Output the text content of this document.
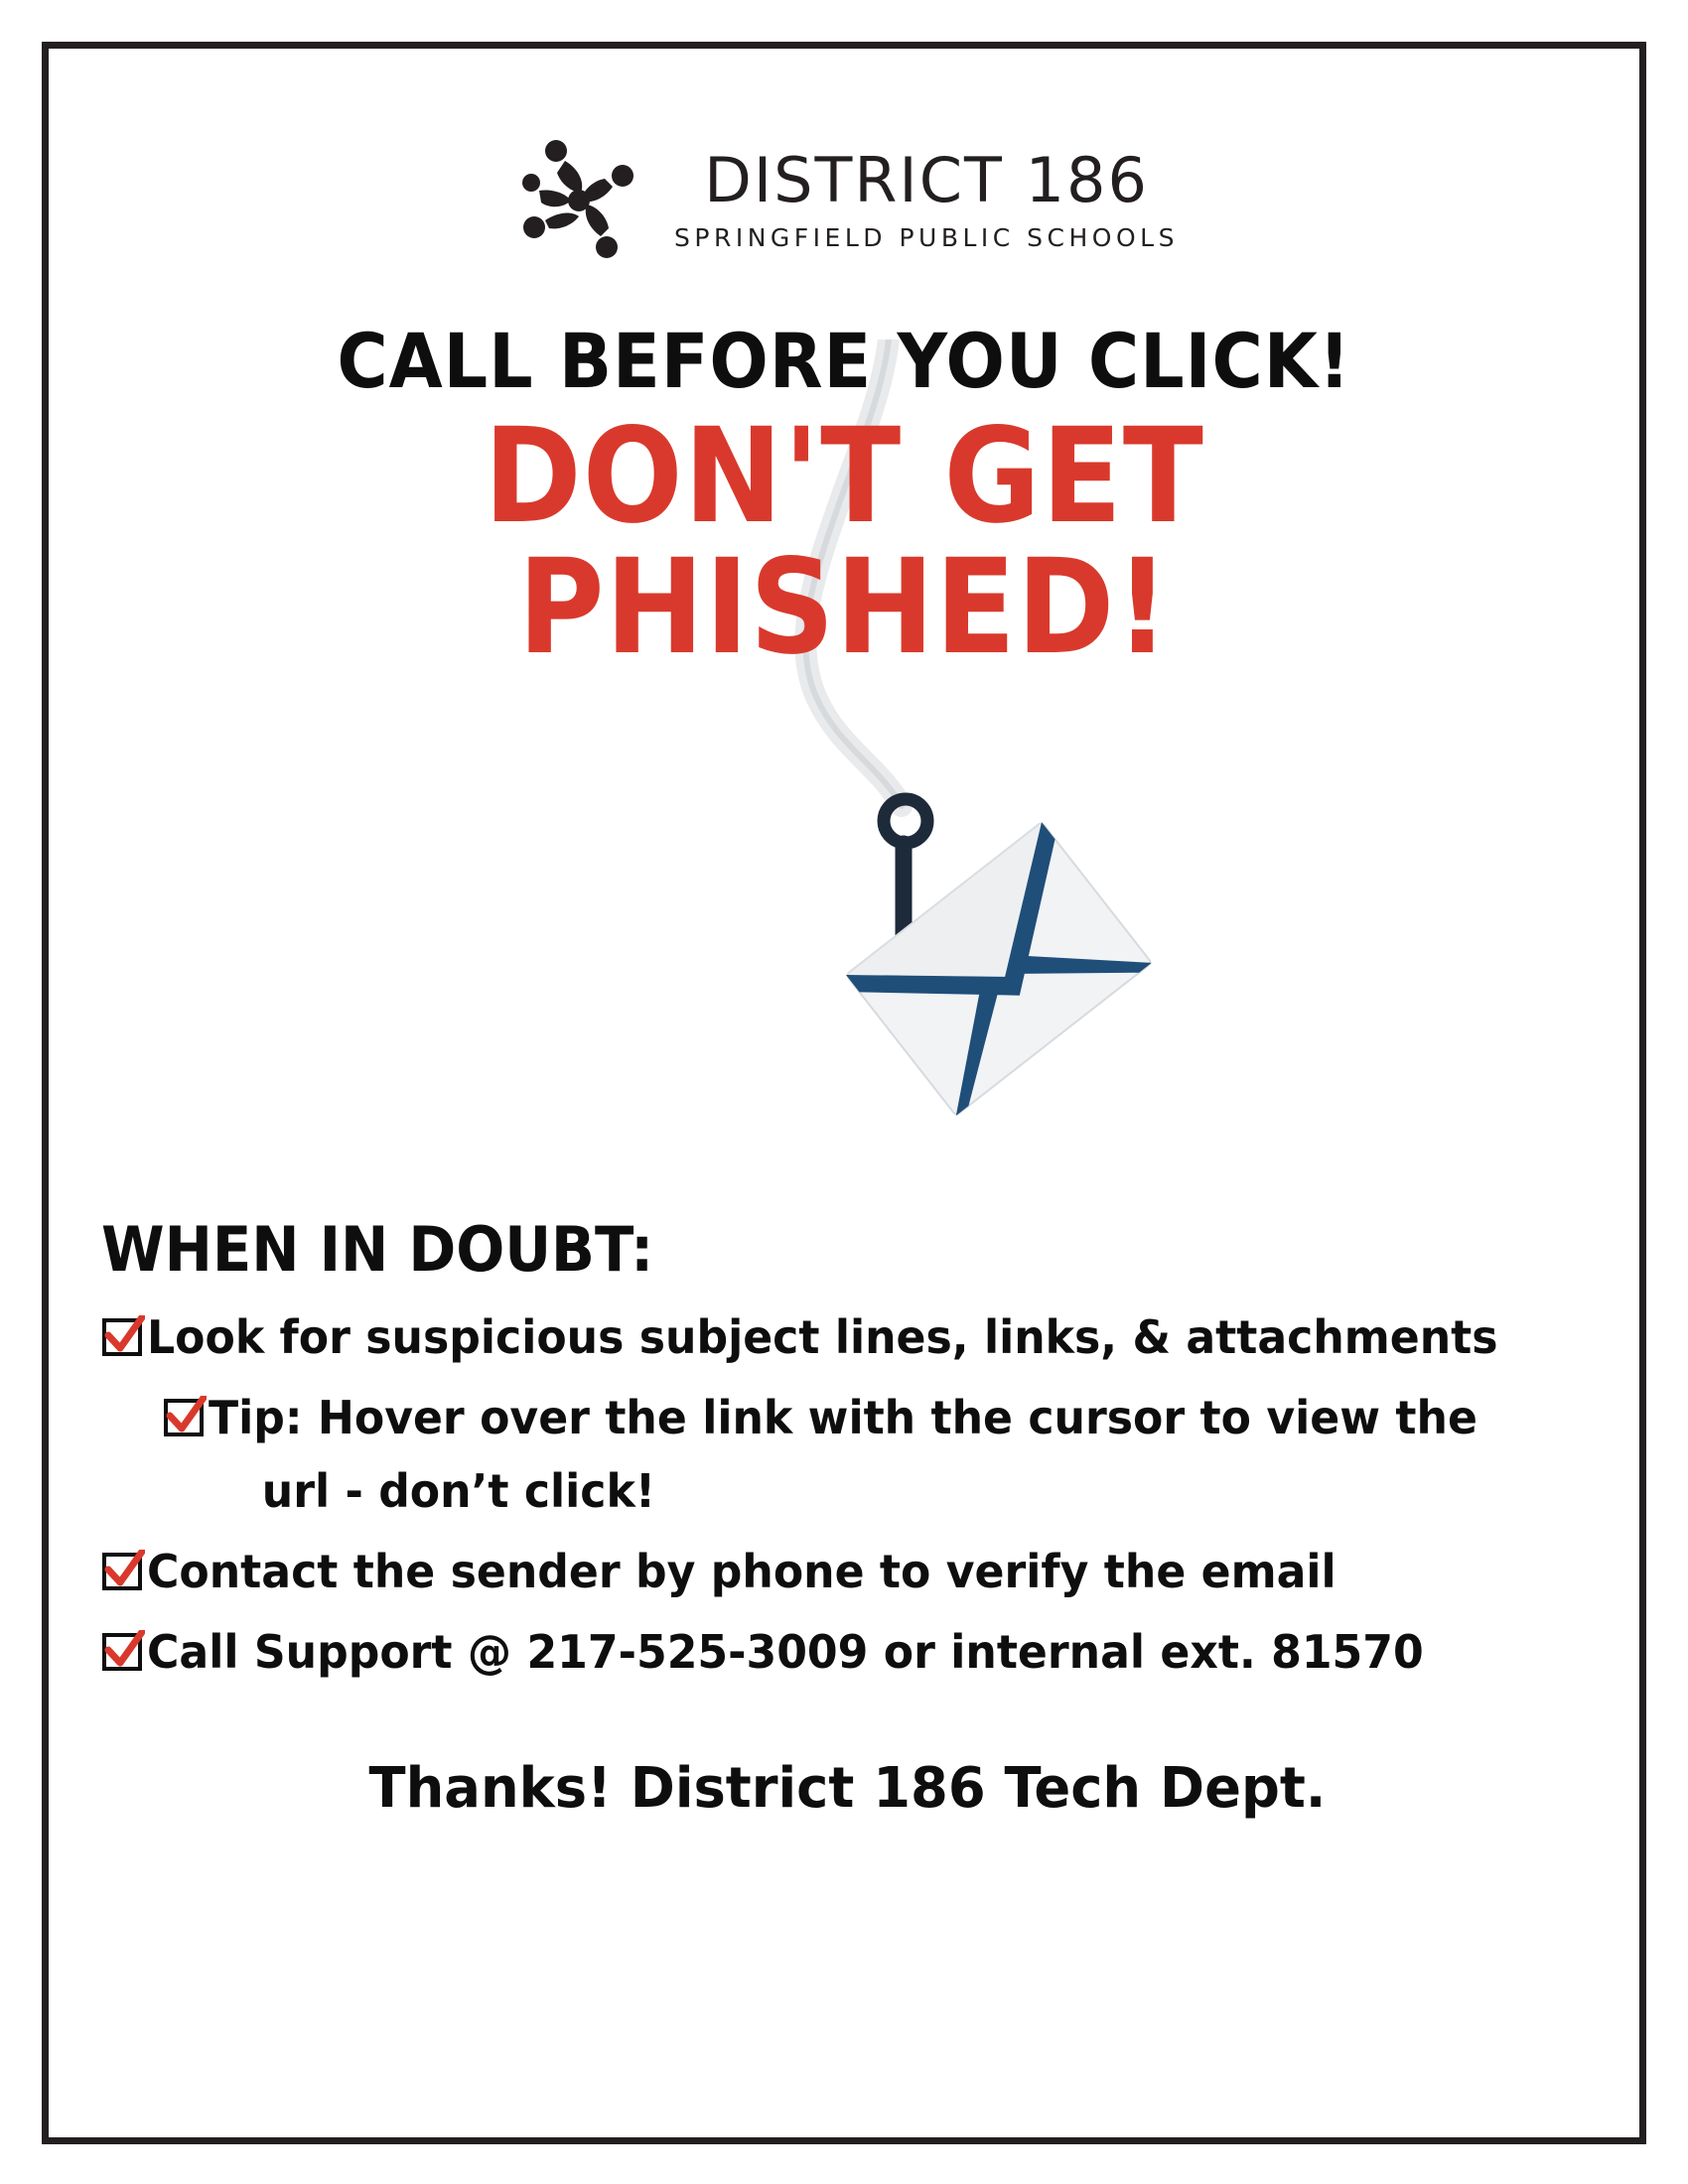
DISTRICT 186
SPRINGFIELD PUBLIC SCHOOLS
CALL BEFORE YOU CLICK!
DON'T GET PHISHED!
WHEN IN DOUBT:
Look for suspicious subject lines, links, & attachments
Tip: Hover over the link with the cursor to view the
url - don’t click!
Contact the sender by phone to verify the email
Call Support @ 217-525-3009 or internal ext. 81570
Thanks! District 186 Tech Dept.
